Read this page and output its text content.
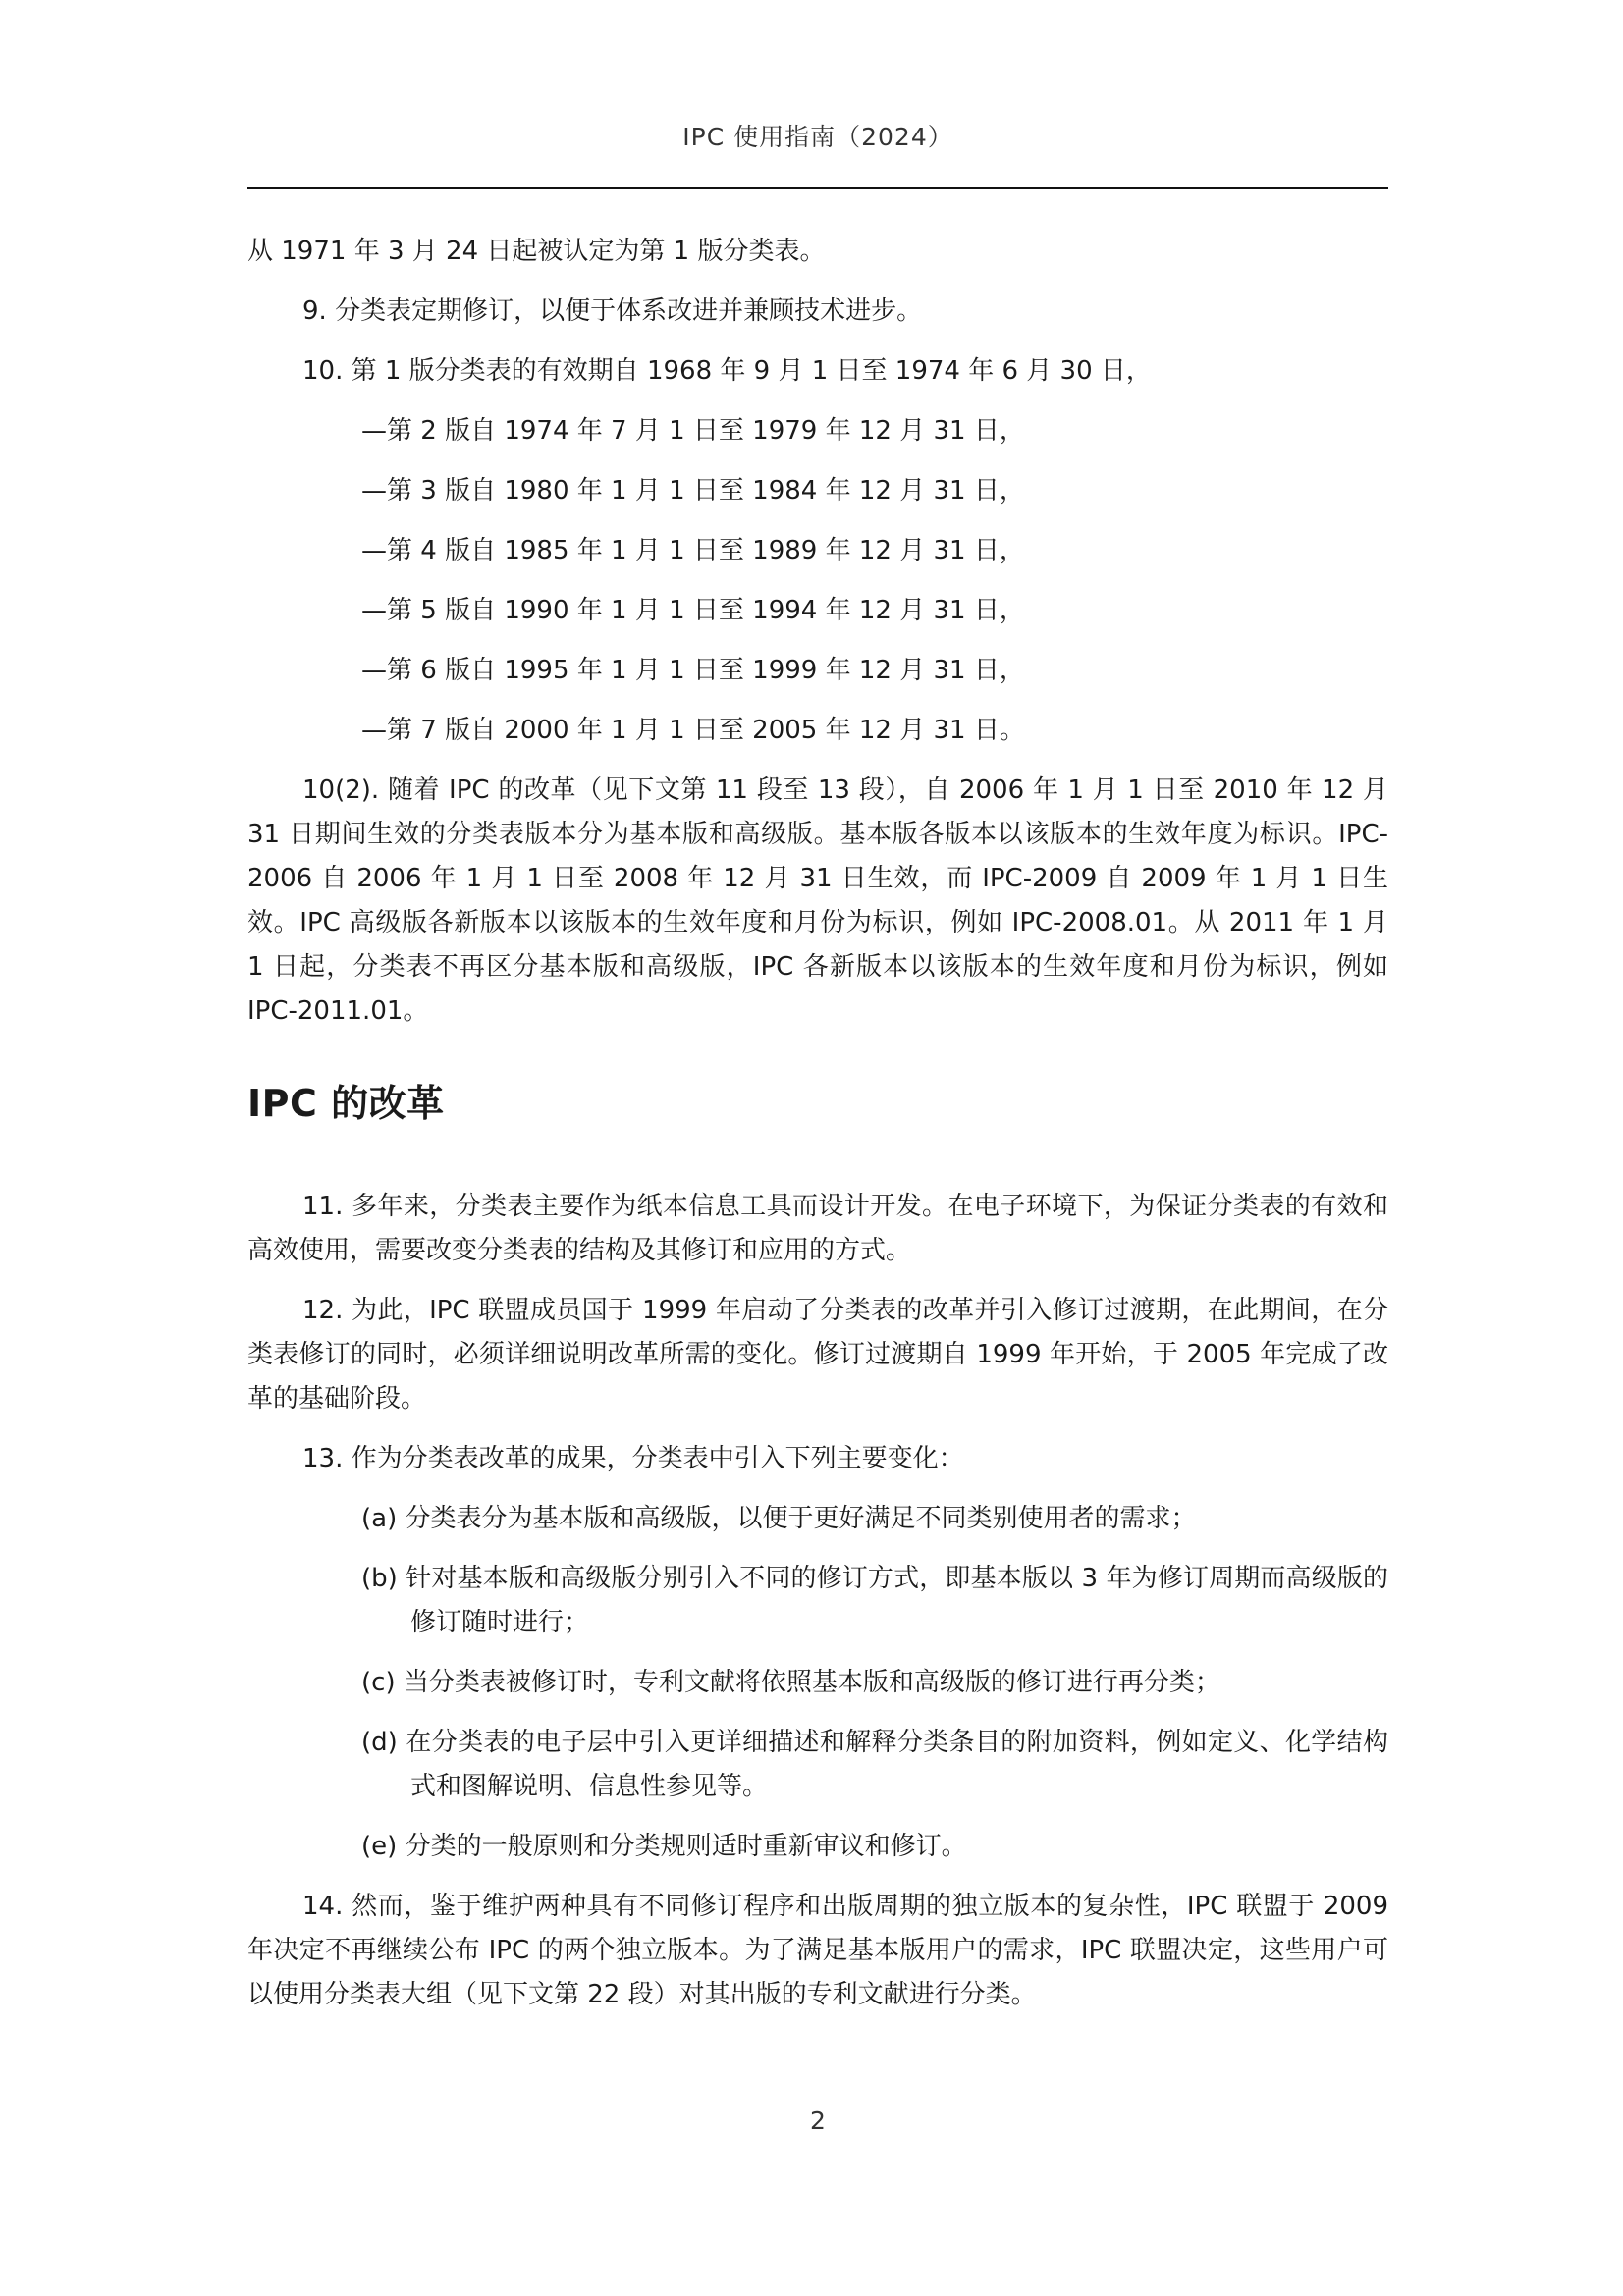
IPC 使用指南（2024）

从 1971 年 3 月 24 日起被认定为第 1 版分类表。

9. 分类表定期修订，以便于体系改进并兼顾技术进步。

10. 第 1 版分类表的有效期自 1968 年 9 月 1 日至 1974 年 6 月 30 日，

—第 2 版自 1974 年 7 月 1 日至 1979 年 12 月 31 日，

—第 3 版自 1980 年 1 月 1 日至 1984 年 12 月 31 日，

—第 4 版自 1985 年 1 月 1 日至 1989 年 12 月 31 日，

—第 5 版自 1990 年 1 月 1 日至 1994 年 12 月 31 日，

—第 6 版自 1995 年 1 月 1 日至 1999 年 12 月 31 日，

—第 7 版自 2000 年 1 月 1 日至 2005 年 12 月 31 日。

10(2). 随着 IPC 的改革（见下文第 11 段至 13 段），自 2006 年 1 月 1 日至 2010 年 12 月 31 日期间生效的分类表版本分为基本版和高级版。基本版各版本以该版本的生效年度为标识。IPC-2006 自 2006 年 1 月 1 日至 2008 年 12 月 31 日生效，而 IPC-2009 自 2009 年 1 月 1 日生效。IPC 高级版各新版本以该版本的生效年度和月份为标识，例如 IPC-2008.01。从 2011 年 1 月 1 日起，分类表不再区分基本版和高级版，IPC 各新版本以该版本的生效年度和月份为标识，例如 IPC-2011.01。

IPC 的改革

11. 多年来，分类表主要作为纸本信息工具而设计开发。在电子环境下，为保证分类表的有效和高效使用，需要改变分类表的结构及其修订和应用的方式。

12. 为此，IPC 联盟成员国于 1999 年启动了分类表的改革并引入修订过渡期，在此期间，在分类表修订的同时，必须详细说明改革所需的变化。修订过渡期自 1999 年开始，于 2005 年完成了改革的基础阶段。

13. 作为分类表改革的成果，分类表中引入下列主要变化：

(a) 分类表分为基本版和高级版，以便于更好满足不同类别使用者的需求；

(b) 针对基本版和高级版分别引入不同的修订方式，即基本版以 3 年为修订周期而高级版的修订随时进行；

(c) 当分类表被修订时，专利文献将依照基本版和高级版的修订进行再分类；

(d) 在分类表的电子层中引入更详细描述和解释分类条目的附加资料，例如定义、化学结构式和图解说明、信息性参见等。

(e) 分类的一般原则和分类规则适时重新审议和修订。

14. 然而，鉴于维护两种具有不同修订程序和出版周期的独立版本的复杂性，IPC 联盟于 2009 年决定不再继续公布 IPC 的两个独立版本。为了满足基本版用户的需求，IPC 联盟决定，这些用户可以使用分类表大组（见下文第 22 段）对其出版的专利文献进行分类。

2
